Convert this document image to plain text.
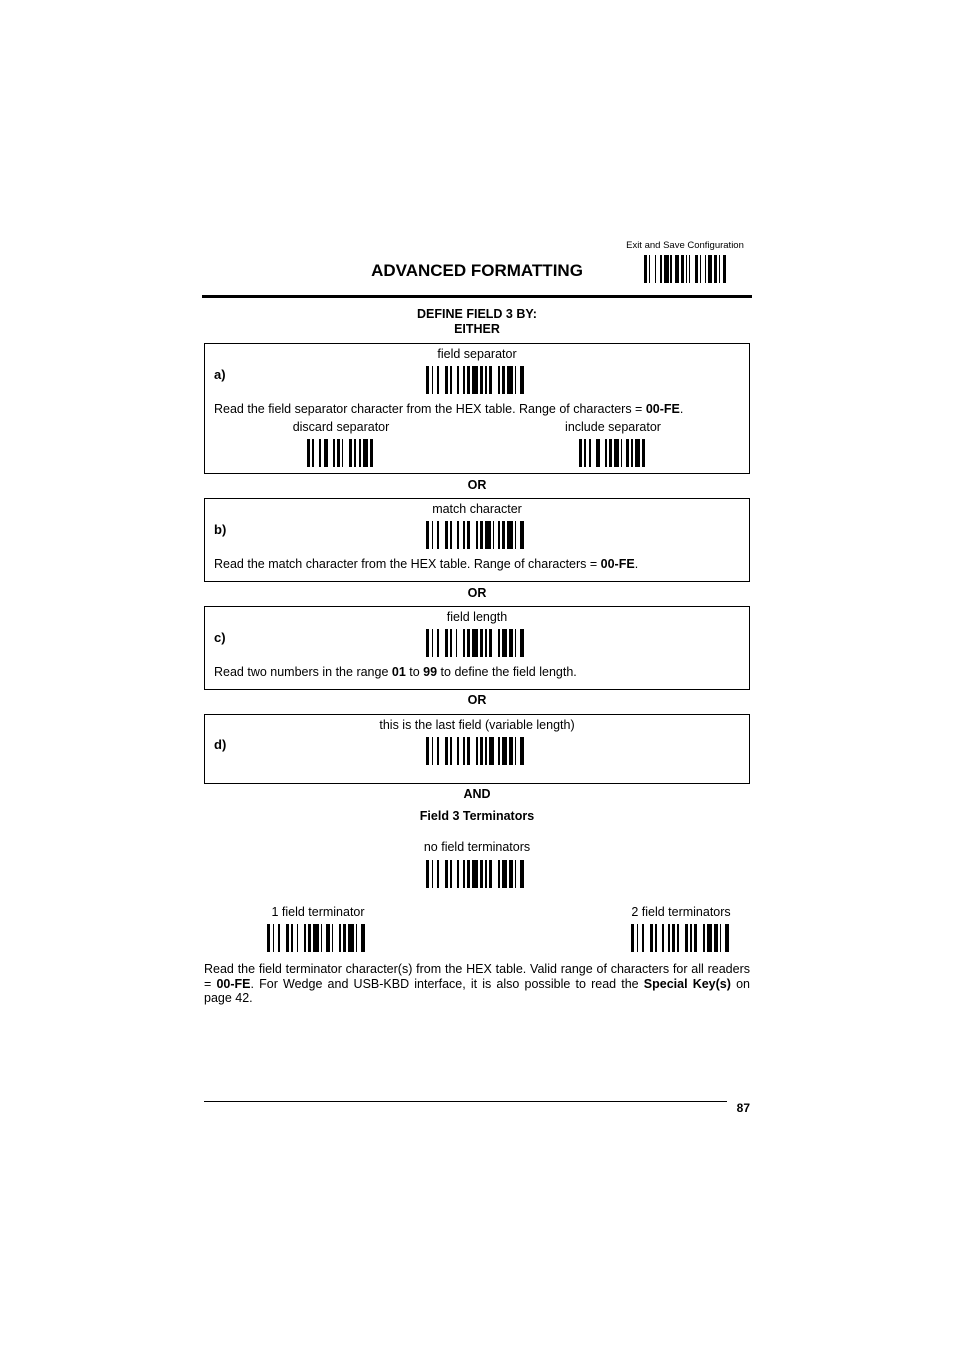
Exit and Save Configuration
ADVANCED FORMATTING
DEFINE FIELD 3 BY:
EITHER
a)
field separator
Read the field separator character from the HEX table. Range of characters = 00-FE.
discard separator	include separator
OR
b)
match character
Read the match character from the HEX table. Range of characters = 00-FE.
OR
c)
field length
Read two numbers in the range 01 to 99 to define the field length.
OR
d)
this is the last field (variable length)
AND
Field 3 Terminators
no field terminators
1 field terminator	2 field terminators
Read the field terminator character(s) from the HEX table. Valid range of characters for all readers = 00-FE. For Wedge and USB-KBD interface, it is also possible to read the Special Key(s) on page 42.
87
